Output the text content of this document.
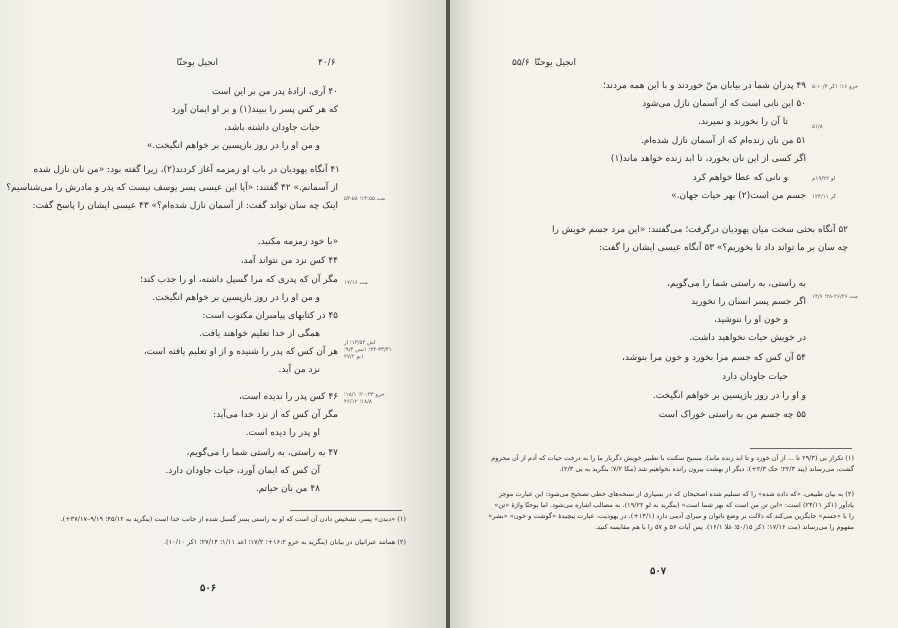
انجیل یوحنّا	۴۰/۶
۴۰ آری، ارادهٔ پدر من بر این است
که هر کس پسر را ببیند(۱) و بر او ایمان آورد
حیات جاودان داشته باشد،
و من او را در روز بازپسین بر خواهم انگیخت.»
۴۱ آنگاه یهودیان در باب او زمزمه آغاز کردند(۲)، زیرا گفته بود: «من نان نازل شده
از آسمانم.» ۴۲ گفتند: «آیا این عیسی پسر یوسف نیست که پدر و مادرش را می‌شناسیم؟
اینک چه سان تواند گفت: از آسمان نازل شده‌ام؟» ۴۳ عیسی ایشان را پاسخ گفت:
«با خود زمزمه مکنید.
۴۴ کس نزد من نتواند آمد،
مگر آن که پدری که مرا گسیل داشته، او را جذب کند؛
و من او را در روز بازپسین بر خواهم انگیخت.
۴۵ در کتابهای پیامبران مکتوب است:
همگی از خدا تعلیم خواهند یافت.
هر آن کس که پدر را شنیده و از او تعلیم یافته است،
نزد من آید.
۴۶ کس پدر را ندیده است،
مگر آن کس که از نزد خدا می‌آید:
او پدر را دیده است.
۴۷ به راستی، به راستی شما را می‌گویم،
آن کس که ایمان آورد، حیات جاودان دارد.
۴۸ من نان حیاتم.
مت ۱۳:۵۵؛ ۵۸-۵۴
مت ۱۷/۱۶
اش ۱۳/۵۴؛ ار ۳۳/۳۱-۳۴؛ ۱تس ۹/۴؛ ۱یو ۲۷/۲
خرو ۲۰:۳۳؛ ۱۸/۱؛ ۱۸/۸؛ ۴۶/۱۲
(۱) «دیدن» پسر، تشخیص دادن آن است که او به راستی پسر گسیل شده از جانب خدا است (بنگرید به ۴۵/۱۲؛ ۹/۱۹–۳۷/۱۷+).
(۲) همانند عبرانیان در بیابان (بنگرید به خرو ۱۶:۲+؛ ۱۷/۲؛ اعد ۱/۱۱؛ ۲۷/۱۴؛ ۱کر ۱۰/۱۰).
۵۰۶
۵۵/۶ انجیل یوحنّا
۴۹ پدران شما در بیابان منّ خوردند و با این همه مردند؛
۵۰ این نانی است که از آسمان نازل می‌شود
تا آن را بخورند و نمیرند.
۵۱ من نان زنده‌ام که از آسمان نازل شده‌ام.
اگر کسی از این نان بخورد، تا ابد زنده خواهد ماند(۱)
و نانی که عطا خواهم کرد
جسم من است(۲) بهر حیات جهان.»
۵۲ آنگاه بحثی سخت میان یهودیان درگرفت؛ می‌گفتند: «این مرد جسم خویش را
چه سان بر ما تواند داد تا بخوریم؟» ۵۳ آنگاه عیسی ایشان را گفت:
به راستی، به راستی شما را می‌گویم،
اگر جسم پسر انسان را نخورید
و خون او را ننوشید،
در خویش حیات نخواهید داشت.
۵۴ آن کس که جسم مرا بخورد و خون مرا بنوشد،
حیات جاودان دارد
و او را در روز بازپسین بر خواهم انگیخت.
۵۵ چه جسم من به راستی خوراک است
خرو ۱۶؛ ۱کر ۱۰/۳-۵
۵۱/۸
لو ۱۹/۲۲م
۱کر ۲۴/۱۱
مت ۲۶/۲۶-۲۸؛ ۱۴/۶
(۱) تکرار بی (۲۹/۳ تا ... از آن خورد و تا ابد زنده ماند)، مسیح سکنت با تطبیر خویش دگربار ما را به درخت حیات که آدم از آن محروم گشت، می‌رساند (پید ۲۲/۳؛ حک ۲/۳+). دیگر از بهشت بیرون رانده نخواهیم شد (مکا ۷/۲؛ بنگرید به پی ۲/۳).
(۲) به بیان طبیعی، «که داده شده» را که تسلیم شده اصحیحان که در بسیاری از نسخه‌های خطی تصحیح می‌شود: این عبارت موجز یادآور (۱کر ۲۴/۱۱) است: «این تن من است که بهر شما است» (بنگرید به لو ۱۹/۲۲). به مصالب اشاره می‌شود. اما یوحنّا واژهٔ «تن» را با «جسم» جایگزین می‌کند که دلالت بر وضع ناتوان و میرای آدمی دارد (۱۴/۱+). در یهودیت، عبارت پیچیدهٔ «گوشت و خون» «بشر» مفهوم را می‌رساند (مت ۱۷/۱۶؛ ۱کر ۵۰/۱۵؛ غلا ۱۶/۱). پس آیات ۵۶ و ۵۷ را با هم مقایسه کنید.
۵۰۷
